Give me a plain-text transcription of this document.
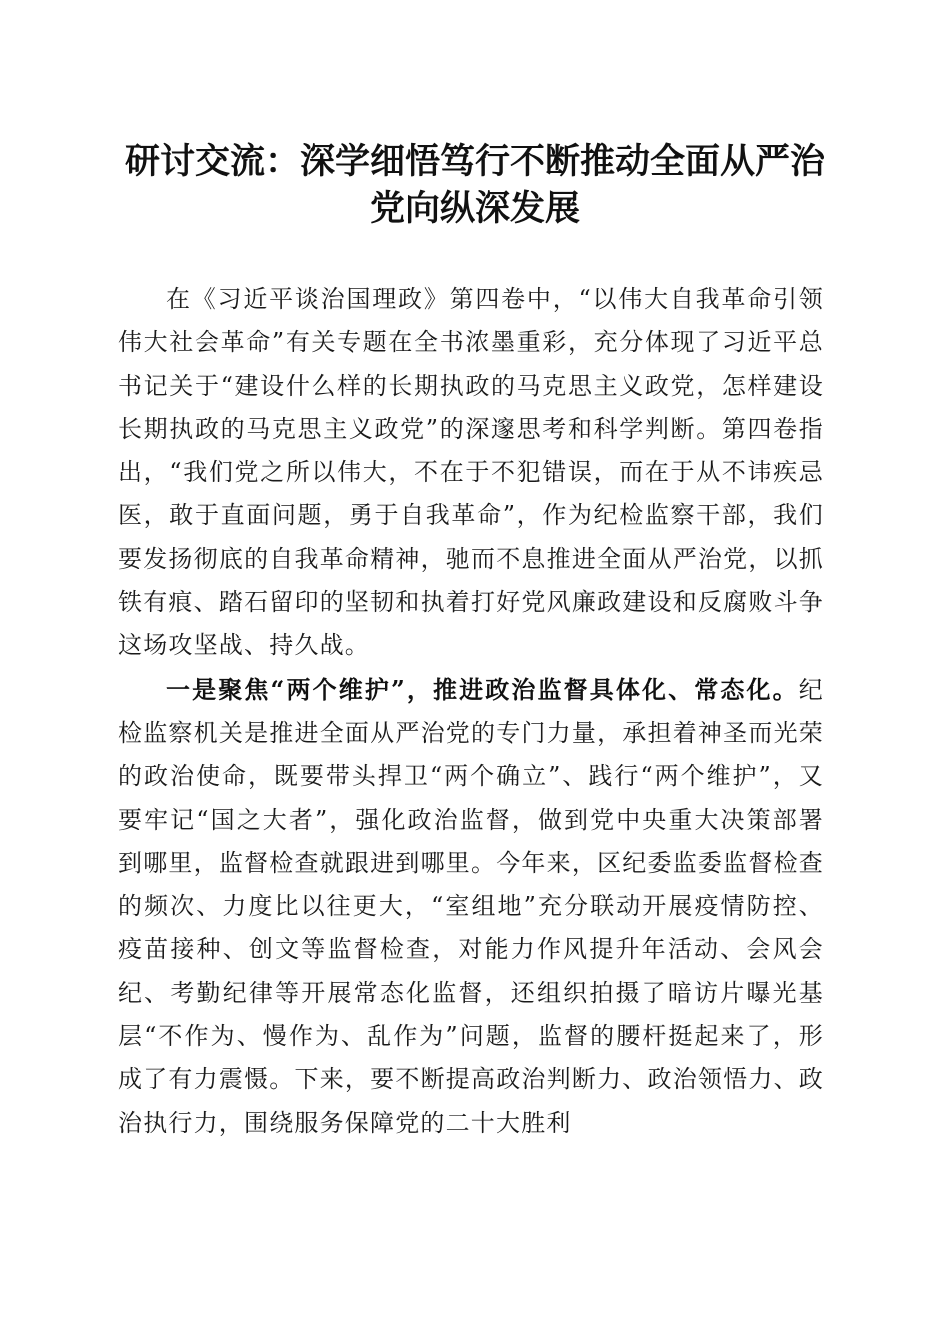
研讨交流：深学细悟笃行不断推动全面从严治
党向纵深发展

在《习近平谈治国理政》第四卷中，“以伟大自我革命引领伟大社会革命”有关专题在全书浓墨重彩，充分体现了习近平总书记关于“建设什么样的长期执政的马克思主义政党，怎样建设长期执政的马克思主义政党”的深邃思考和科学判断。第四卷指出，“我们党之所以伟大，不在于不犯错误，而在于从不讳疾忌医，敢于直面问题，勇于自我革命”，作为纪检监察干部，我们要发扬彻底的自我革命精神，驰而不息推进全面从严治党，以抓铁有痕、踏石留印的坚韧和执着打好党风廉政建设和反腐败斗争这场攻坚战、持久战。

一是聚焦“两个维护”，推进政治监督具体化、常态化。纪检监察机关是推进全面从严治党的专门力量，承担着神圣而光荣的政治使命，既要带头捍卫“两个确立”、践行“两个维护”，又要牢记“国之大者”，强化政治监督，做到党中央重大决策部署到哪里，监督检查就跟进到哪里。今年来，区纪委监委监督检查的频次、力度比以往更大，“室组地”充分联动开展疫情防控、疫苗接种、创文等监督检查，对能力作风提升年活动、会风会纪、考勤纪律等开展常态化监督，还组织拍摄了暗访片曝光基层“不作为、慢作为、乱作为”问题，监督的腰杆挺起来了，形成了有力震慑。下来，要不断提高政治判断力、政治领悟力、政治执行力，围绕服务保障党的二十大胜利
